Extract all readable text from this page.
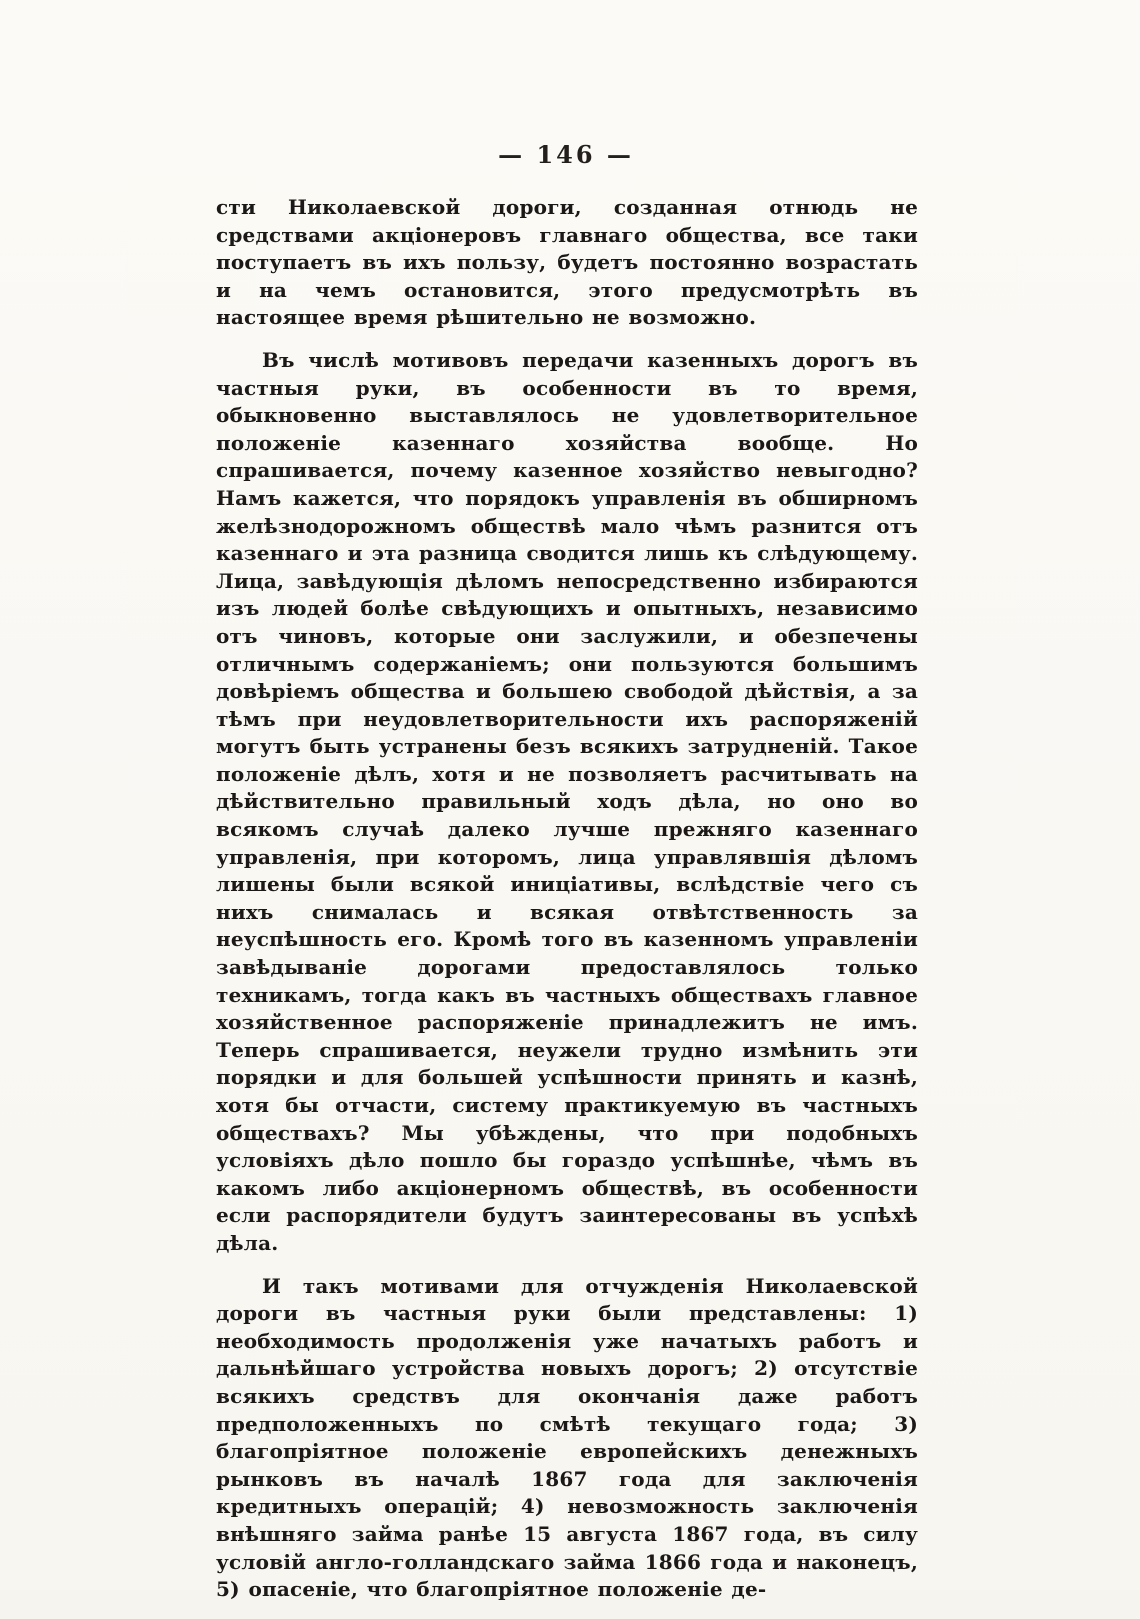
— 146 —

сти Николаевской дороги, созданная отнюдь не средствами акціонеровъ главнаго общества, все таки поступаетъ въ ихъ пользу, будетъ постоянно возрастать и на чемъ остановится, этого предусмотрѣть въ настоящее время рѣшительно не возможно.

Въ числѣ мотивовъ передачи казенныхъ дорогъ въ частныя руки, въ особенности въ то время, обыкновенно выставлялось не удовлетворительное положеніе казеннаго хозяйства вообще. Но спрашивается, почему казенное хозяйство невыгодно? Намъ кажется, что порядокъ управленія въ обширномъ желѣзнодорожномъ обществѣ мало чѣмъ разнится отъ казеннаго и эта разница сводится лишь къ слѣдующему. Лица, завѣдующія дѣломъ непосредственно избираются изъ людей болѣе свѣдующихъ и опытныхъ, независимо отъ чиновъ, которые они заслужили, и обезпечены отличнымъ содержаніемъ; они пользуются большимъ довѣріемъ общества и большею свободой дѣйствія, а за тѣмъ при неудовлетворительности ихъ распоряженій могутъ быть устранены безъ всякихъ затрудненій. Такое положеніе дѣлъ, хотя и не позволяетъ расчитывать на дѣйствительно правильный ходъ дѣла, но оно во всякомъ случаѣ далеко лучше прежняго казеннаго управленія, при которомъ, лица управлявшія дѣломъ лишены были всякой иниціативы, вслѣдствіе чего съ нихъ снималась и всякая отвѣтственность за неуспѣшность его. Кромѣ того въ казенномъ управленіи завѣдываніе дорогами предоставлялось только техникамъ, тогда какъ въ частныхъ обществахъ главное хозяйственное распоряженіе принадлежитъ не имъ. Теперь спрашивается, неужели трудно измѣнить эти порядки и для большей успѣшности принять и казнѣ, хотя бы отчасти, систему практикуемую въ частныхъ обществахъ? Мы убѣждены, что при подобныхъ условіяхъ дѣло пошло бы гораздо успѣшнѣе, чѣмъ въ какомъ либо акціонерномъ обществѣ, въ особенности если распорядители будутъ заинтересованы въ успѣхѣ дѣла.

И такъ мотивами для отчужденія Николаевской дороги въ частныя руки были представлены: 1) необходимость продолженія уже начатыхъ работъ и дальнѣйшаго устройства новыхъ дорогъ; 2) отсутствіе всякихъ средствъ для окончанія даже работъ предположенныхъ по смѣтѣ текущаго года; 3) благопріятное положеніе европейскихъ денежныхъ рынковъ въ началѣ 1867 года для заключенія кредитныхъ операцій; 4) невозможность заключенія внѣшняго займа ранѣе 15 августа 1867 года, въ силу условій англо-голландскаго займа 1866 года и наконецъ, 5) опасеніе, что благопріятное положеніе де-
